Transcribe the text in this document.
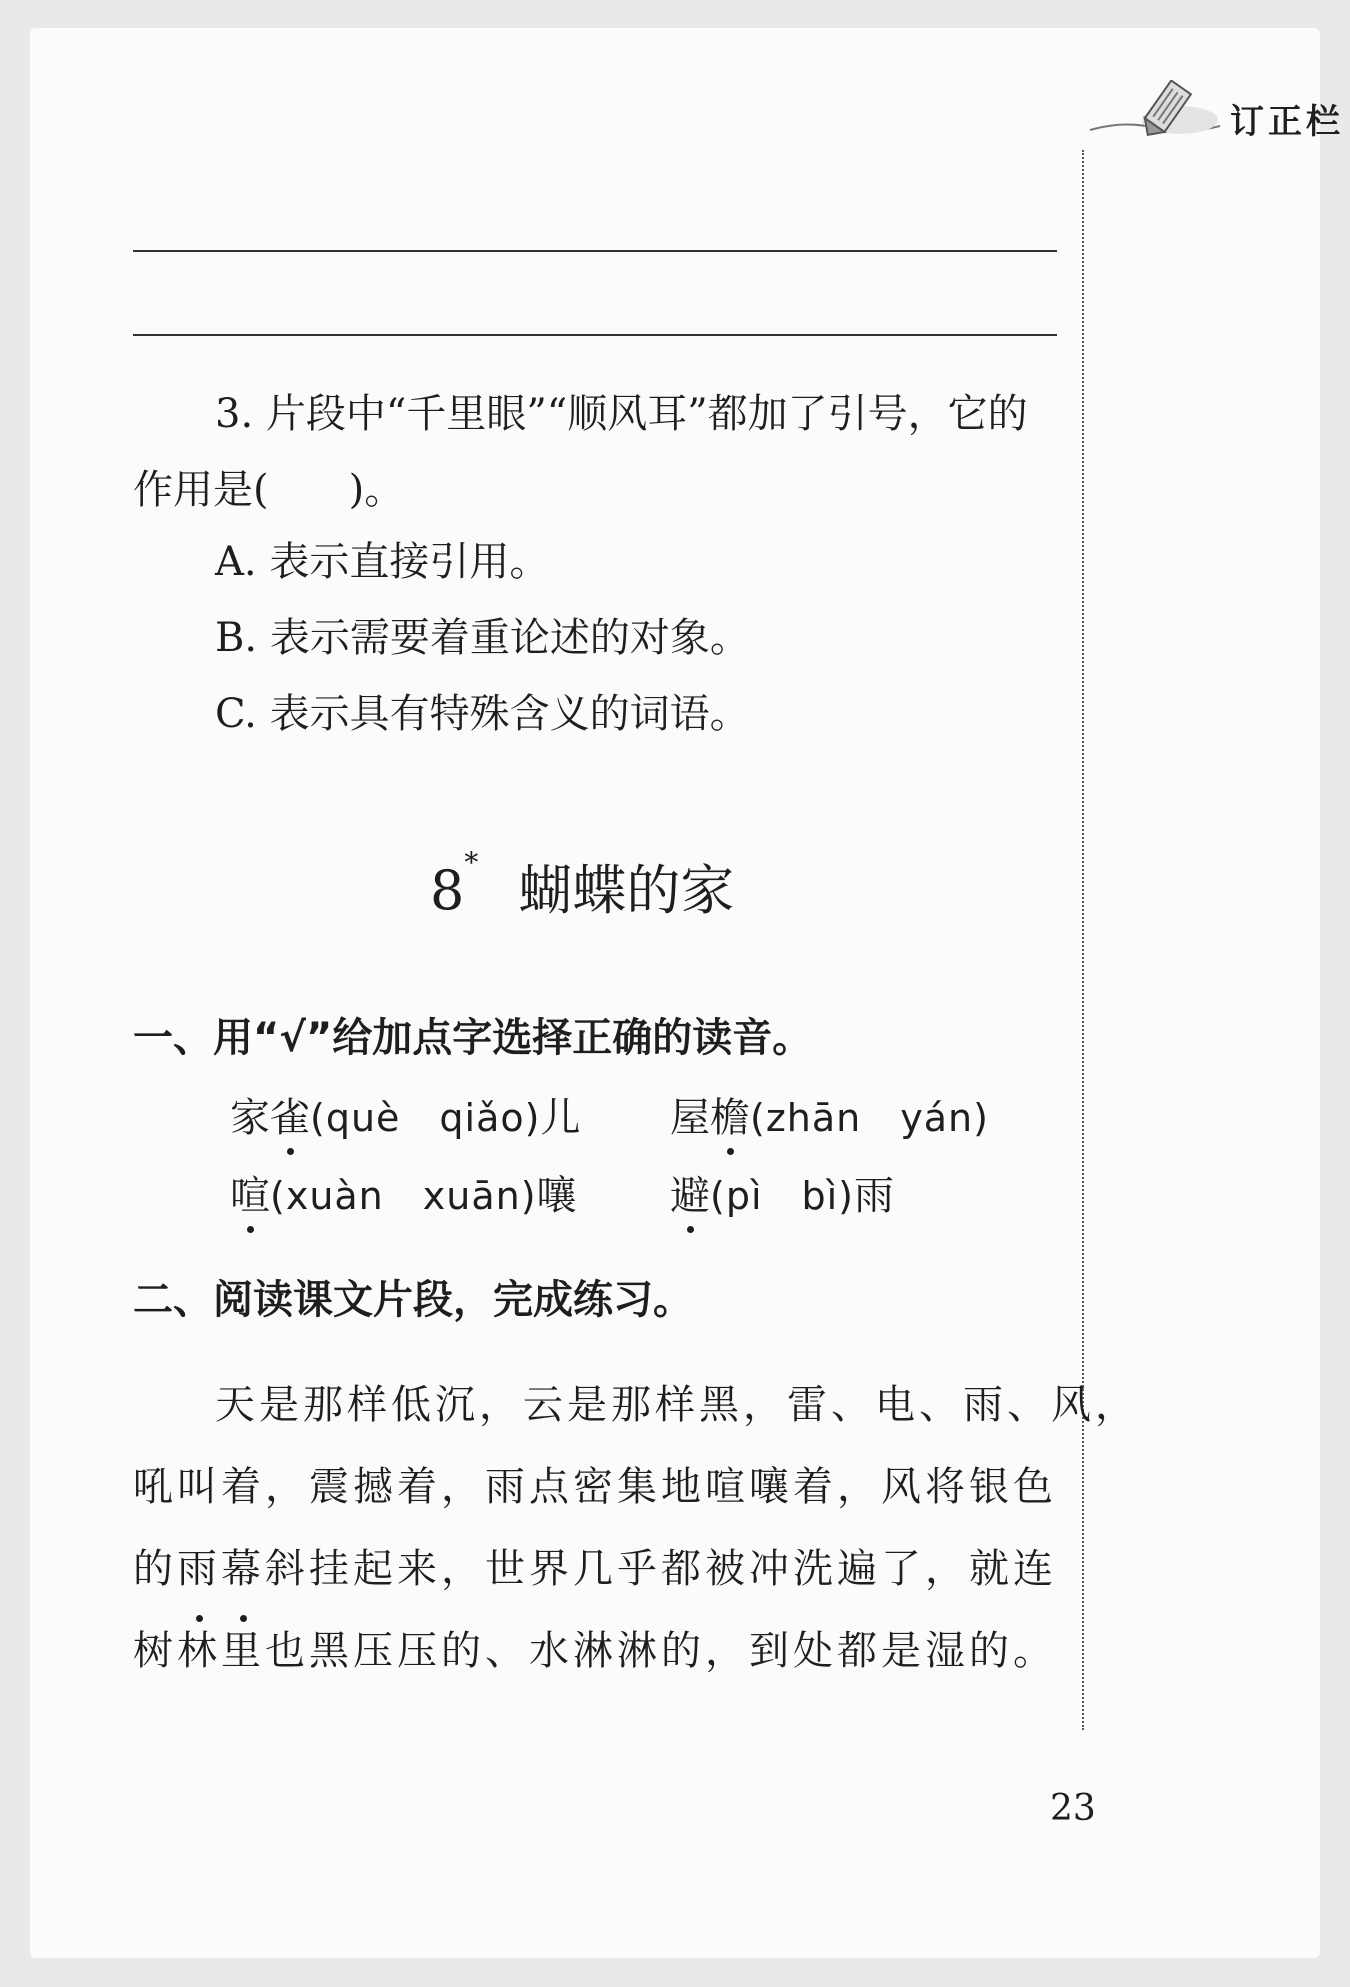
订正栏
3. 片段中“千里眼”“顺风耳”都加了引号，它的
作用是(　　)。
A. 表示直接引用。
B. 表示需要着重论述的对象。
C. 表示具有特殊含义的词语。
8* 蝴蝶的家
一、用“√”给加点字选择正确的读音。
家雀(què　qiǎo)儿 屋檐(zhān　yán)
喧(xuàn　xuān)嚷 避(pì　bì)雨
二、阅读课文片段，完成练习。
天是那样低沉，云是那样黑，雷、电、雨、风，
吼叫着，震撼着，雨点密集地喧嚷着，风将银色
的雨幕斜挂起来，世界几乎都被冲洗遍了，就连
树林里也黑压压的、水淋淋的，到处都是湿的。
23
